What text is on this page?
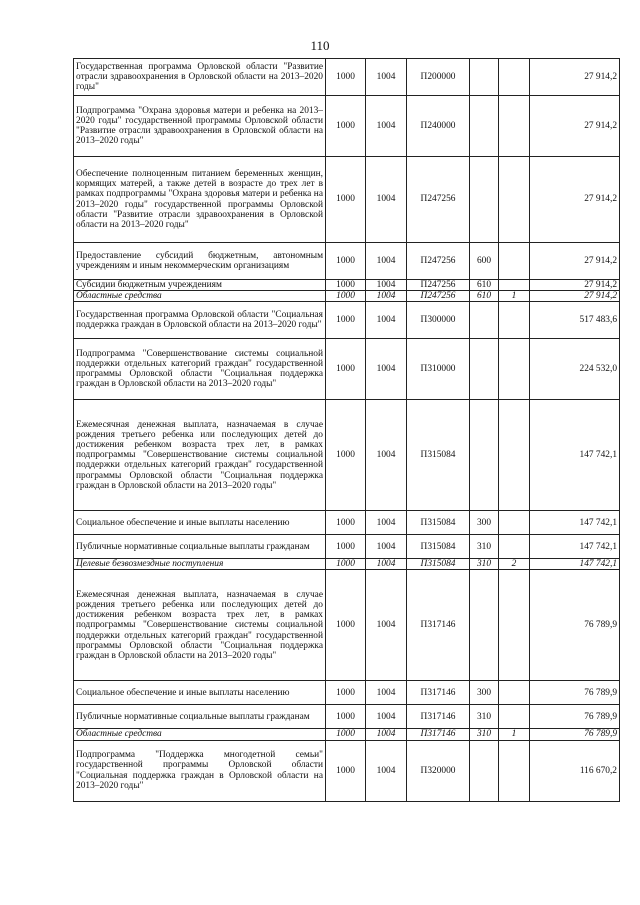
110
Государственная программа Орловской области "Развитие отрасли здравоохранения в Орловской области на 2013–2020 годы"	1000	1004	П200000			27 914,2
Подпрограмма "Охрана здоровья матери и ребенка на 2013–2020 годы" государственной программы Орловской области "Развитие отрасли здравоохранения в Орловской области на 2013–2020 годы"	1000	1004	П240000			27 914,2
Обеспечение полноценным питанием беременных женщин, кормящих матерей, а также детей в возрасте до трех лет в рамках подпрограммы "Охрана здоровья матери и ребенка на 2013–2020 годы" государственной программы Орловской области "Развитие отрасли здравоохранения в Орловской области на 2013–2020 годы"	1000	1004	П247256			27 914,2
Предоставление субсидий бюджетным, автономным учреждениям и иным некоммерческим организациям	1000	1004	П247256	600		27 914,2
Субсидии бюджетным учреждениям	1000	1004	П247256	610		27 914,2
Областные средства	1000	1004	П247256	610	1	27 914,2
Государственная программа Орловской области "Социальная поддержка граждан в Орловской области на 2013–2020 годы"	1000	1004	П300000			517 483,6
Подпрограмма "Совершенствование системы социальной поддержки отдельных категорий граждан" государственной программы Орловской области "Социальная поддержка граждан в Орловской области на 2013–2020 годы"	1000	1004	П310000			224 532,0
Ежемесячная денежная выплата, назначаемая в случае рождения третьего ребенка или последующих детей до достижения ребенком возраста трех лет, в рамках подпрограммы "Совершенствование системы социальной поддержки отдельных категорий граждан" государственной программы Орловской области "Социальная поддержка граждан в Орловской области на 2013–2020 годы"	1000	1004	П315084			147 742,1
Социальное обеспечение и иные выплаты населению	1000	1004	П315084	300		147 742,1
Публичные нормативные социальные выплаты гражданам	1000	1004	П315084	310		147 742,1
Целевые безвозмездные поступления	1000	1004	П315084	310	2	147 742,1
Ежемесячная денежная выплата, назначаемая в случае рождения третьего ребенка или последующих детей до достижения ребенком возраста трех лет, в рамках подпрограммы "Совершенствование системы социальной поддержки отдельных категорий граждан" государственной программы Орловской области "Социальная поддержка граждан в Орловской области на 2013–2020 годы"	1000	1004	П317146			76 789,9
Социальное обеспечение и иные выплаты населению	1000	1004	П317146	300		76 789,9
Публичные нормативные социальные выплаты гражданам	1000	1004	П317146	310		76 789,9
Областные средства	1000	1004	П317146	310	1	76 789,9
Подпрограмма "Поддержка многодетной семьи" государственной программы Орловской области "Социальная поддержка граждан в Орловской области на 2013–2020 годы"	1000	1004	П320000			116 670,2
